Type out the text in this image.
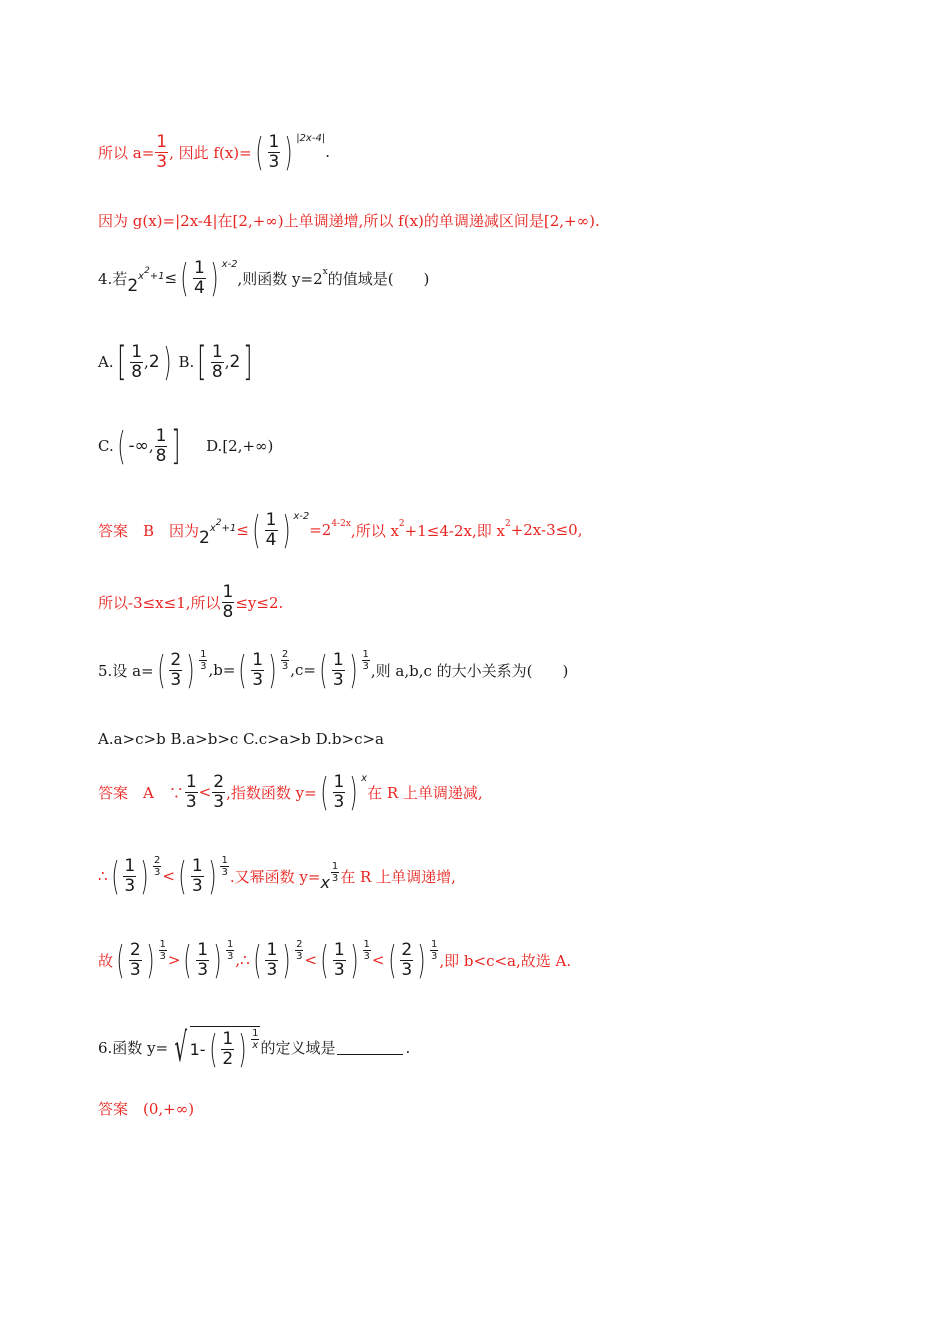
所以 $a= \frac{1}{3}$ , 因此 f(x)= ( $\frac{1}{3}$ ) |2x-4|
.
因为 g(x)=|2x-4|在[2,+∞)上单调递增,所以 f(x)的单调递减区间是[2,+∞).
4.若 2 x2+1 ≤ ( $\frac{1}{4}$ ) x-2
,则函数 y=2 x 的值域是(　　)
A. [ $\frac{1}{8}$ , 2 ) B. [ $\frac{1}{8}$ , 2 ]
C. ( -∞ , $\frac{1}{8}$ ] D.[2,+∞)
答案　B　因为 2 x2+1 ≤ ( $\frac{1}{4}$ ) x-2
=2 4-2x ,所以 x 2 +1≤4-2x,即 x 2 +2x-3≤0,
所以-3≤x≤1,所以 $\frac{1}{8} \le y\le 2$.
5.设 a= ( $\frac{2}{3}$ ) $\frac{1}{3} ,b=$ ( $\frac{1}{3}$ ) $\frac{2}{3} ,c=$ ( $\frac{1}{3}$ ) $\frac{1}{3}$ ,则 a,b,c 的大小关系为(　　)
A.a>c>b B.a>b>c C.c>a>b D.b>c>a
答案　A　∵ $\frac{1}{3} < \frac{2}{3}$ ,指数函数 y= ( $\frac{1}{3}$ ) x
在 R 上单调递减,
∴ ( $\frac{1}{3}$ ) $\frac{2}{3}$ < ( $\frac{1}{3}$ ) $\frac{1}{3}$ .又幂函数 y= x $\frac{1}{3}$ 在 R 上单调递增,
故 ( $\frac{2}{3}$ ) $\frac{1}{3}$ > ( $\frac{1}{3}$ ) $\frac{1}{3}$ ,∴ ( $\frac{1}{3}$ ) $\frac{2}{3}$ < ( $\frac{1}{3}$ ) $\frac{1}{3}$ < ( $\frac{2}{3}$ ) $\frac{1}{3}$ ,即 b<c<a,故选 A.
6.函数 y= √ 1- ( $\frac{1}{2}$ ) $\frac{1}{x}$ 的定义域是	.
答案　(0,+∞)
